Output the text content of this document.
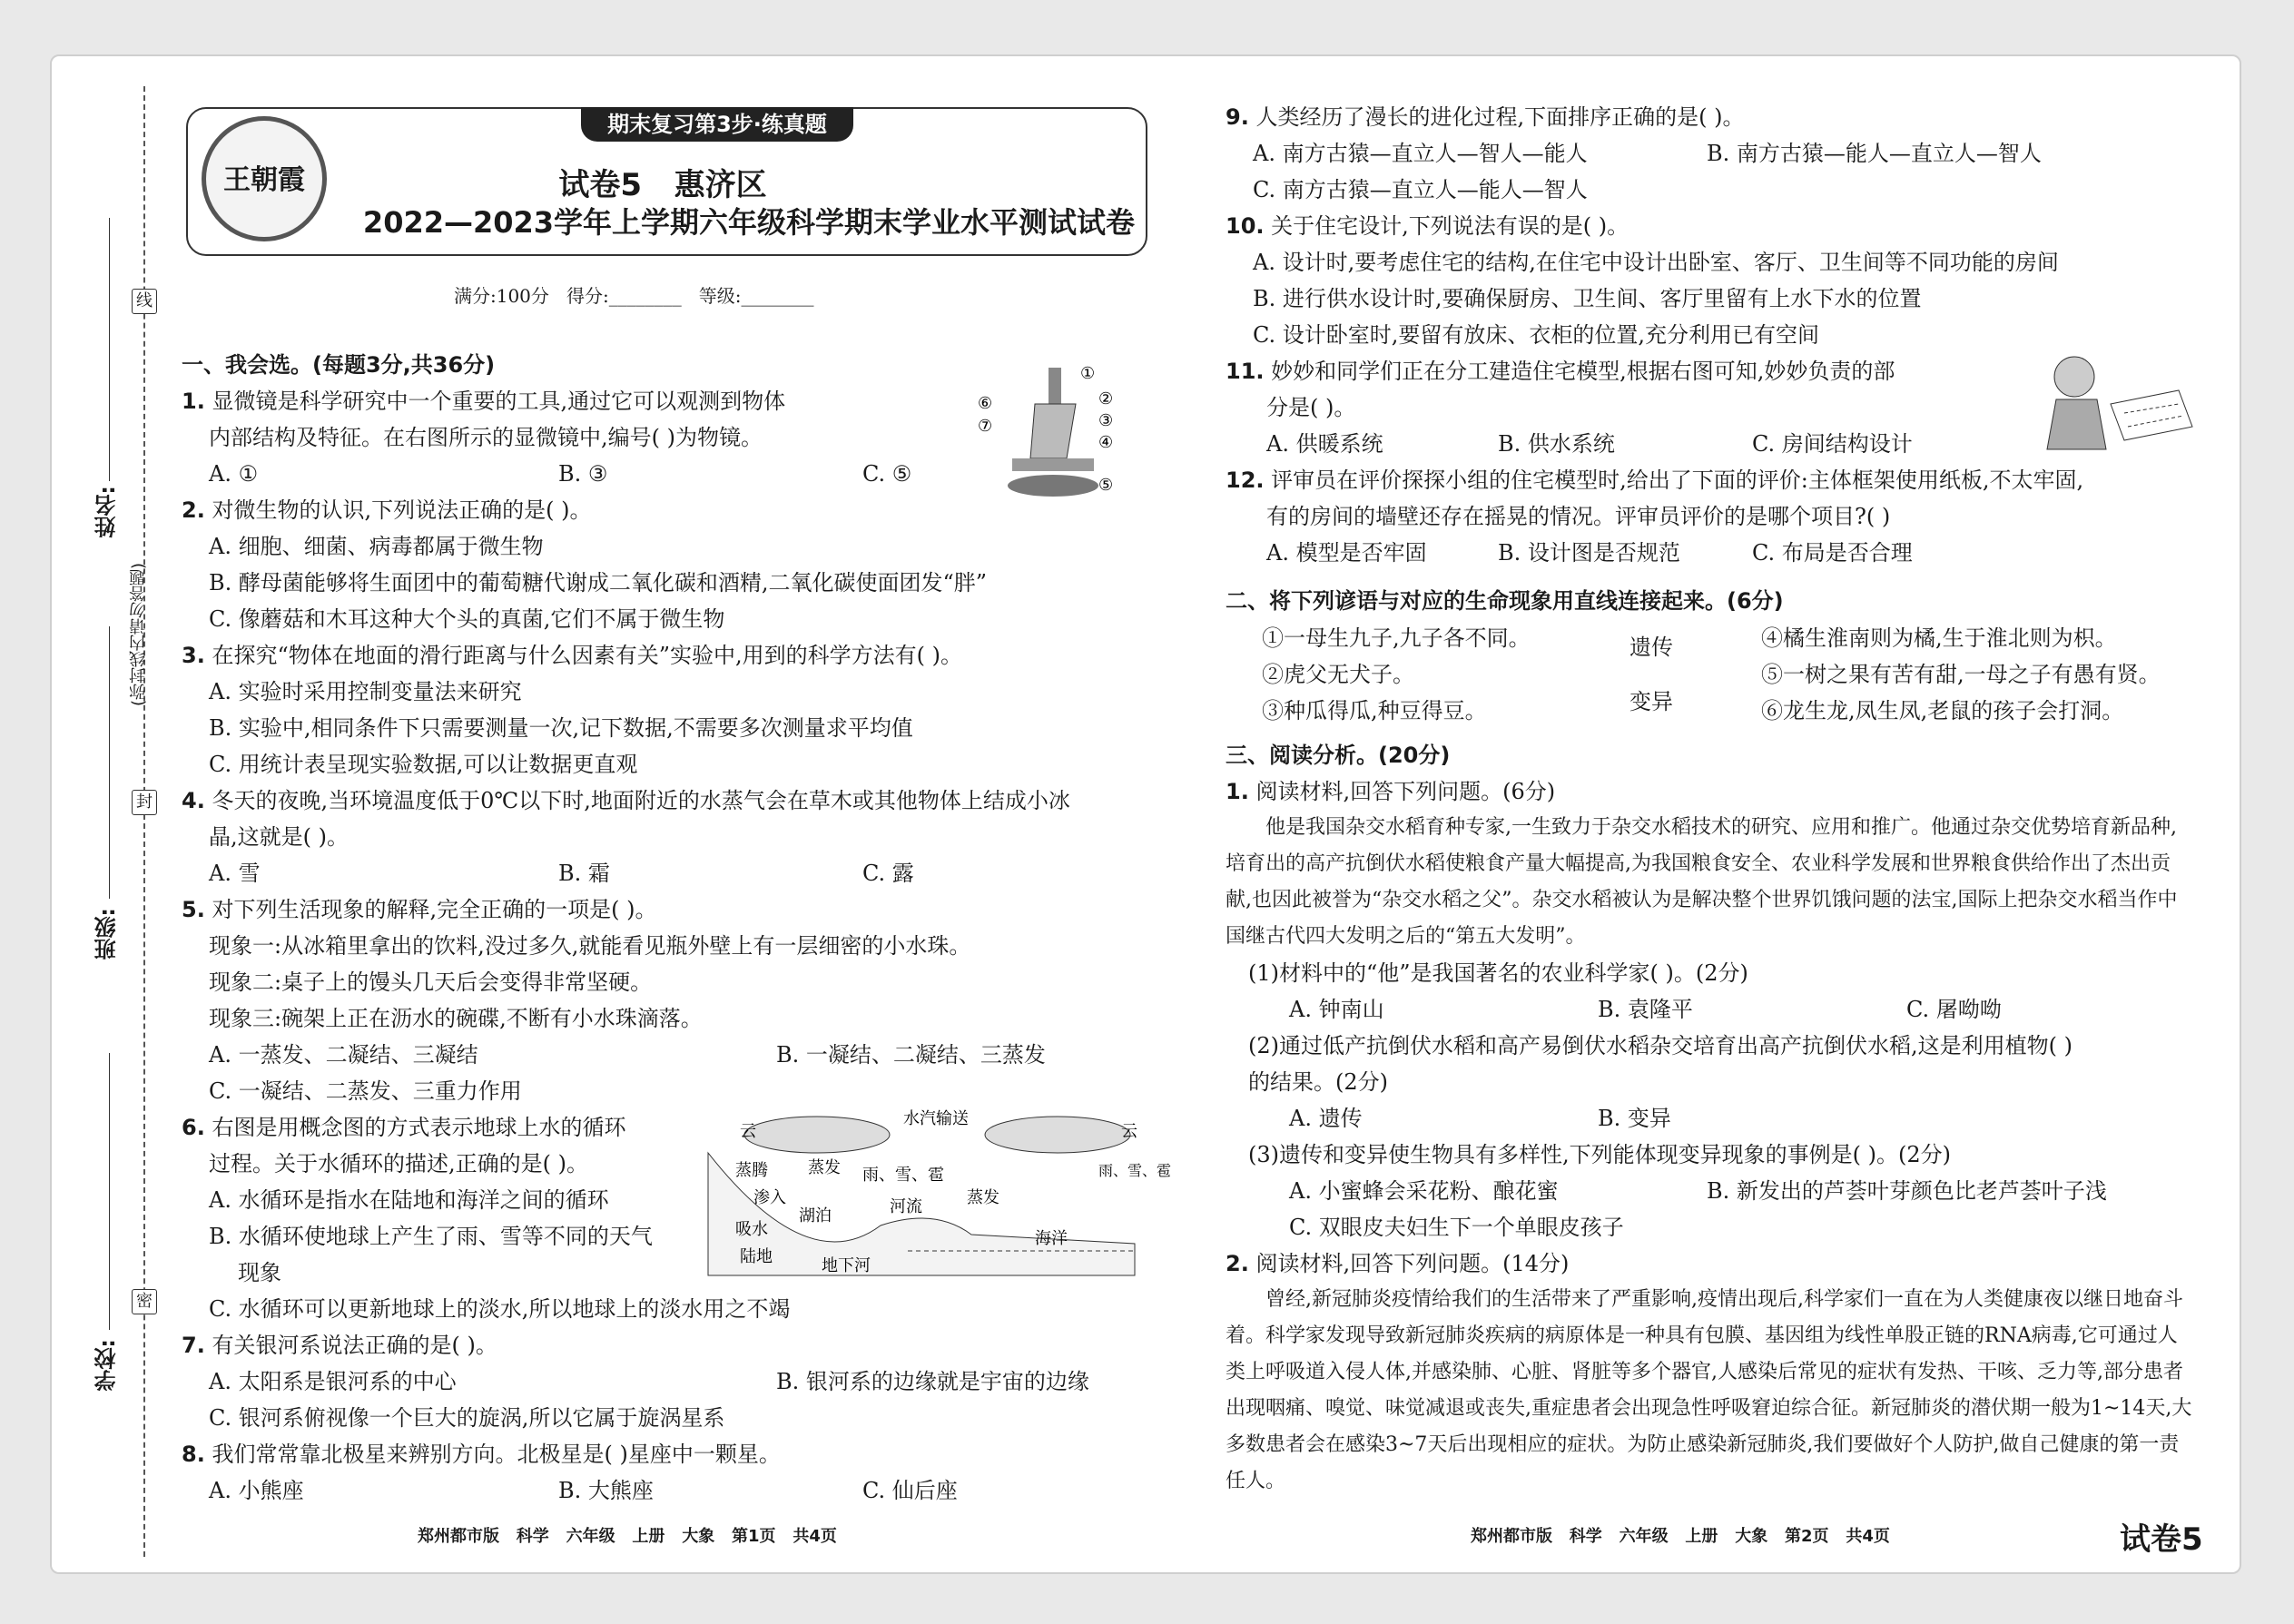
线
封
密
姓名:
班级:
学校:
(弥封线内请勿答题)
期末复习第3步·练真题
王朝霞	试卷5 惠济区
2022—2023学年上学期六年级科学期末学业水平测试试卷
满分:100分   得分:________   等级:________
一、我会选。(每题3分,共36分)
1. 显微镜是科学研究中一个重要的工具,通过它可以观测到物体
内部结构及特征。在右图所示的显微镜中,编号( )为物镜。
A. ①	B. ③	C. ⑤
⑥
⑦
①
②
③
④
⑤
2. 对微生物的认识,下列说法正确的是( )。
A. 细胞、细菌、病毒都属于微生物
B. 酵母菌能够将生面团中的葡萄糖代谢成二氧化碳和酒精,二氧化碳使面团发“胖”
C. 像蘑菇和木耳这种大个头的真菌,它们不属于微生物
3. 在探究“物体在地面的滑行距离与什么因素有关”实验中,用到的科学方法有( )。
A. 实验时采用控制变量法来研究
B. 实验中,相同条件下只需要测量一次,记下数据,不需要多次测量求平均值
C. 用统计表呈现实验数据,可以让数据更直观
4. 冬天的夜晚,当环境温度低于0℃以下时,地面附近的水蒸气会在草木或其他物体上结成小冰
晶,这就是( )。
A. 雪	B. 霜	C. 露
5. 对下列生活现象的解释,完全正确的一项是( )。
现象一:从冰箱里拿出的饮料,没过多久,就能看见瓶外壁上有一层细密的小水珠。
现象二:桌子上的馒头几天后会变得非常坚硬。
现象三:碗架上正在沥水的碗碟,不断有小水珠滴落。
A. 一蒸发、二凝结、三凝结	B. 一凝结、二凝结、三蒸发
C. 一凝结、二蒸发、三重力作用
6. 右图是用概念图的方式表示地球上水的循环
过程。关于水循环的描述,正确的是( )。
A. 水循环是指水在陆地和海洋之间的循环
B. 水循环使地球上产生了雨、雪等不同的天气
现象
C. 水循环可以更新地球上的淡水,所以地球上的淡水用之不竭
云
水汽输送
云
蒸腾
渗入
蒸发 雨、雪、雹
湖泊	河流	蒸发
雨、雪、雹
吸水
陆地	地下河
海洋
7. 有关银河系说法正确的是( )。
A. 太阳系是银河系的中心	B. 银河系的边缘就是宇宙的边缘
C. 银河系俯视像一个巨大的旋涡,所以它属于旋涡星系
8. 我们常常靠北极星来辨别方向。北极星是( )星座中一颗星。
A. 小熊座	B. 大熊座	C. 仙后座
郑州都市版   科学   六年级   上册   大象   第1页   共4页
9. 人类经历了漫长的进化过程,下面排序正确的是( )。
A. 南方古猿—直立人—智人—能人	B. 南方古猿—能人—直立人—智人
C. 南方古猿—直立人—能人—智人
10. 关于住宅设计,下列说法有误的是( )。
A. 设计时,要考虑住宅的结构,在住宅中设计出卧室、客厅、卫生间等不同功能的房间
B. 进行供水设计时,要确保厨房、卫生间、客厅里留有上水下水的位置
C. 设计卧室时,要留有放床、衣柜的位置,充分利用已有空间
11. 妙妙和同学们正在分工建造住宅模型,根据右图可知,妙妙负责的部
分是( )。
A. 供暖系统	B. 供水系统	C. 房间结构设计
12. 评审员在评价探探小组的住宅模型时,给出了下面的评价:主体框架使用纸板,不太牢固,
有的房间的墙壁还存在摇晃的情况。评审员评价的是哪个项目?( )
A. 模型是否牢固	B. 设计图是否规范	C. 布局是否合理
二、将下列谚语与对应的生命现象用直线连接起来。(6分)
①一母生九子,九子各不同。
②虎父无犬子。
③种瓜得瓜,种豆得豆。
遗传
变异
④橘生淮南则为橘,生于淮北则为枳。
⑤一树之果有苦有甜,一母之子有愚有贤。
⑥龙生龙,凤生凤,老鼠的孩子会打洞。
三、阅读分析。(20分)
1. 阅读材料,回答下列问题。(6分)
他是我国杂交水稻育种专家,一生致力于杂交水稻技术的研究、应用和推广。他通过杂交优势培育新品种,培育出的高产抗倒伏水稻使粮食产量大幅提高,为我国粮食安全、农业科学发展和世界粮食供给作出了杰出贡献,也因此被誉为“杂交水稻之父”。杂交水稻被认为是解决整个世界饥饿问题的法宝,国际上把杂交水稻当作中国继古代四大发明之后的“第五大发明”。
(1)材料中的“他”是我国著名的农业科学家( )。(2分)
A. 钟南山	B. 袁隆平	C. 屠呦呦
(2)通过低产抗倒伏水稻和高产易倒伏水稻杂交培育出高产抗倒伏水稻,这是利用植物( )
的结果。(2分)
A. 遗传	B. 变异
(3)遗传和变异使生物具有多样性,下列能体现变异现象的事例是( )。(2分)
A. 小蜜蜂会采花粉、酿花蜜	B. 新发出的芦荟叶芽颜色比老芦荟叶子浅
C. 双眼皮夫妇生下一个单眼皮孩子
2. 阅读材料,回答下列问题。(14分)
曾经,新冠肺炎疫情给我们的生活带来了严重影响,疫情出现后,科学家们一直在为人类健康夜以继日地奋斗着。科学家发现导致新冠肺炎疾病的病原体是一种具有包膜、基因组为线性单股正链的RNA病毒,它可通过人类上呼吸道入侵人体,并感染肺、心脏、肾脏等多个器官,人感染后常见的症状有发热、干咳、乏力等,部分患者出现咽痛、嗅觉、味觉减退或丧失,重症患者会出现急性呼吸窘迫综合征。新冠肺炎的潜伏期一般为1~14天,大多数患者会在感染3~7天后出现相应的症状。为防止感染新冠肺炎,我们要做好个人防护,做自己健康的第一责任人。
郑州都市版   科学   六年级   上册   大象   第2页   共4页	试卷5
